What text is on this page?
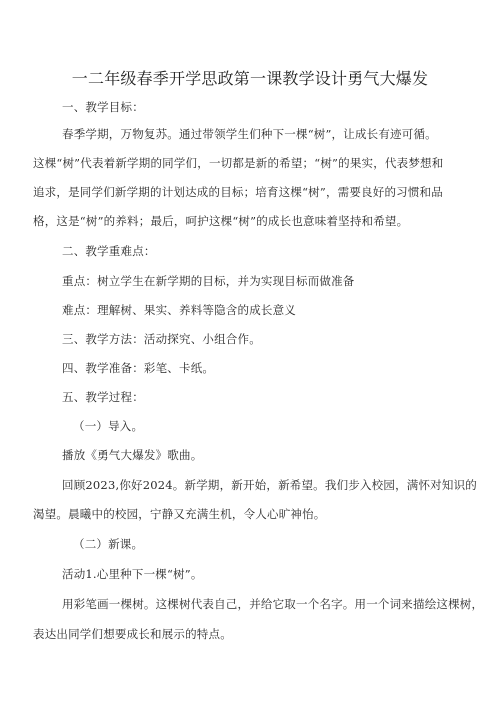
一二年级春季开学思政第一课教学设计勇气大爆发
一、教学目标：
春季学期，万物复苏。通过带领学生们种下一棵“树”，让成长有迹可循。
这棵“树”代表着新学期的同学们，一切都是新的希望；“树”的果实，代表梦想和
追求，是同学们新学期的计划达成的目标；培育这棵“树”，需要良好的习惯和品
格，这是“树”的养料；最后，呵护这棵“树”的成长也意味着坚持和希望。
二、教学重难点：
重点：树立学生在新学期的目标，并为实现目标而做准备
难点：理解树、果实、养料等隐含的成长意义
三、教学方法：活动探究、小组合作。
四、教学准备：彩笔、卡纸。
五、教学过程：
（一）导入。
播放《勇气大爆发》歌曲。
回顾2023,你好2024。新学期，新开始，新希望。我们步入校园，满怀对知识的
渴望。晨曦中的校园，宁静又充满生机，令人心旷神怡。
（二）新课。
活动1.心里种下一棵“树”。
用彩笔画一棵树。这棵树代表自己，并给它取一个名字。用一个词来描绘这棵树，
表达出同学们想要成长和展示的特点。
